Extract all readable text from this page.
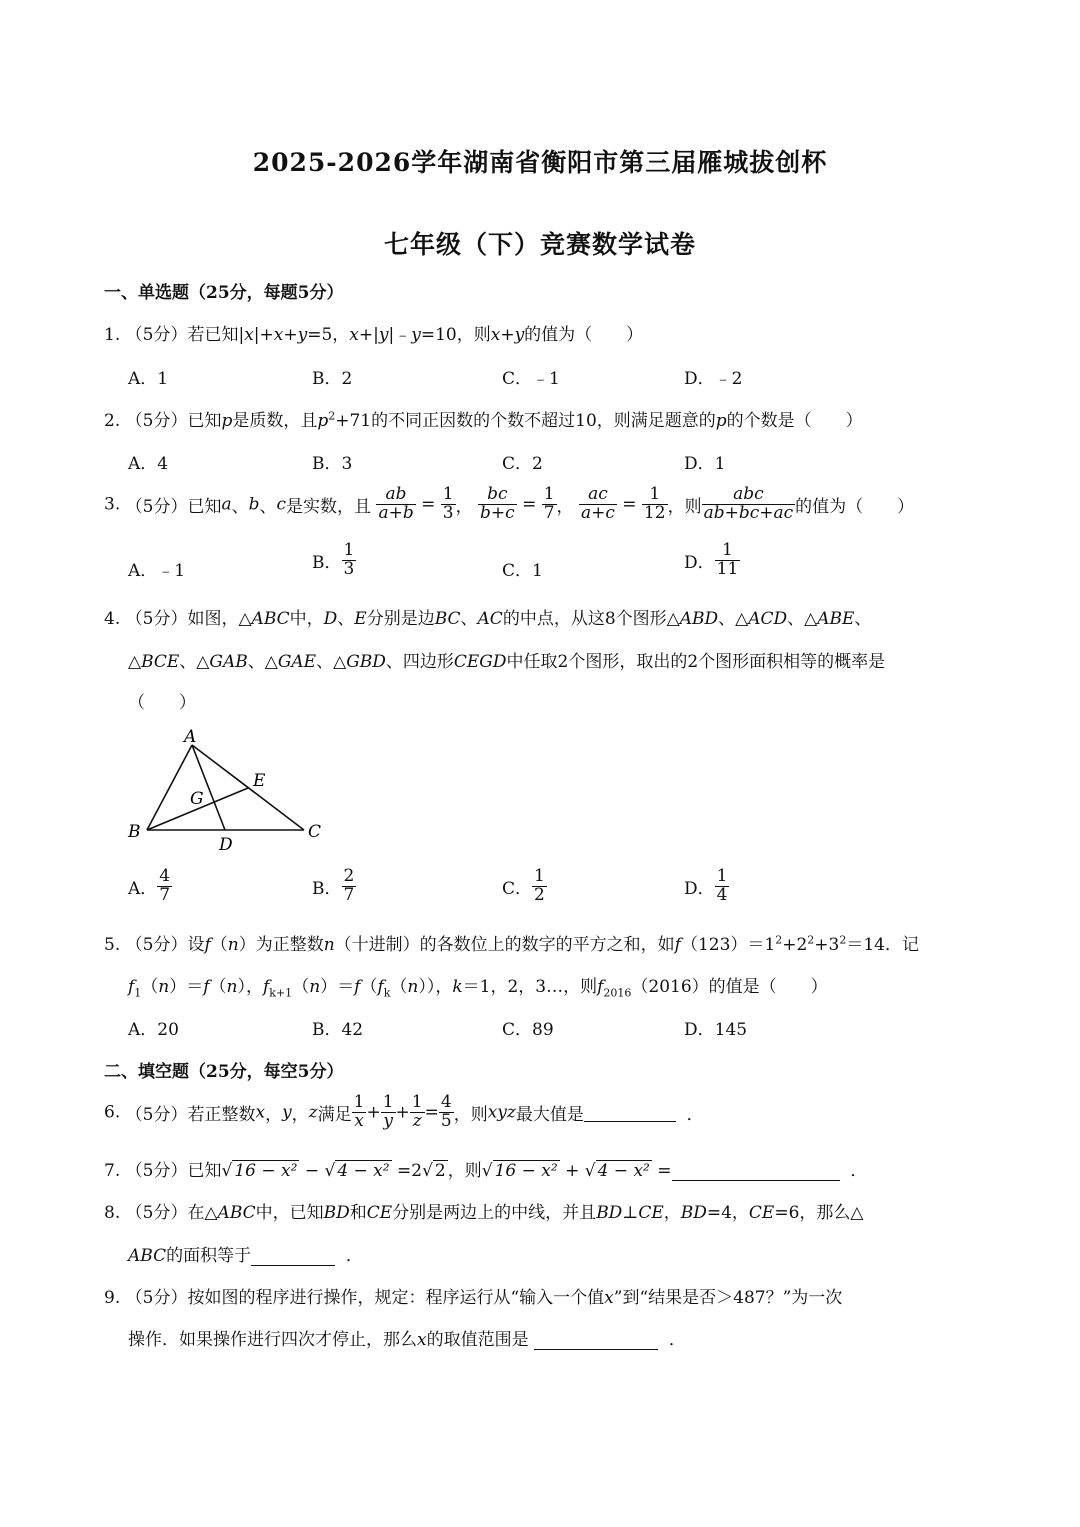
2025-2026学年湖南省衡阳市第三届雁城拔创杯
七年级（下）竞赛数学试卷
一、单选题（25分，每题5分）
1. （5分）若已知|x|+x+y=5，x+|y|﹣y=10，则x+y的值为（　　）
A．1	B．2	C．﹣1	D．﹣2
2. （5分）已知p是质数，且$p^2+71$的不同正因数的个数不超过10，则满足题意的p的个数是（　　）
A．4	B．3	C．2	D．1
3. （5分）已知a、b、c是实数，且 $\frac{ab}{a+b} = \frac{1}{3}$ ， $\frac{bc}{b+c} = \frac{1}{7}$ ， $\frac{ac}{a+c} = \frac{1}{12}$ ，则 $\frac{\text{abc}}{ab+bc+ac}$ 的值为（　　）
A．﹣1	B． $\frac{1}{3}$	C．1	D． $\frac{1}{11}$
4. （5分）如图，△ABC中，D、E分别是边BC、AC的中点，从这8个图形△ABD、△ACD、△ABE、
△BCE、△GAB、△GAE、△GBD、四边形CEGD中任取2个图形，取出的2个图形面积相等的概率是
（　　）
A
B	C
D
E
G
A． $\frac{4}{7}$	B． $\frac{2}{7}$	C． $\frac{1}{2}$	D． $\frac{1}{4}$
5. （5分）设f（n）为正整数n（十进制）的各数位上的数字的平方之和，如$f(123)=1^2+2^2+3^2=14$．记
$f_1(n)=f(n)$，$f_{k+1}(n)=f(f_k(n))$，k＝1，2，3…，则$f_{2016}(2016)$的值是（　　）
A．20	B．42	C．89	D．145
二、填空题（25分，每空5分）
6. （5分）若正整数x，y，z满足 $\frac{1}{x} + \frac{1}{y} + \frac{1}{z} = \frac{4}{5}$ ，则xyz最大值是	．
7. （5分）已知√ 16 − x² − √ 4 − x² =2√ 2 ，则√ 16 − x² + √ 4 − x² =	．
8. （5分）在△ABC中，已知BD和CE分别是两边上的中线，并且BD⊥CE，BD=4，CE=6，那么△
ABC的面积等于	．
9. （5分）按如图的程序进行操作，规定：程序运行从“输入一个值x”到“结果是否＞487？”为一次
操作．如果操作进行四次才停止，那么x的取值范围是	．
